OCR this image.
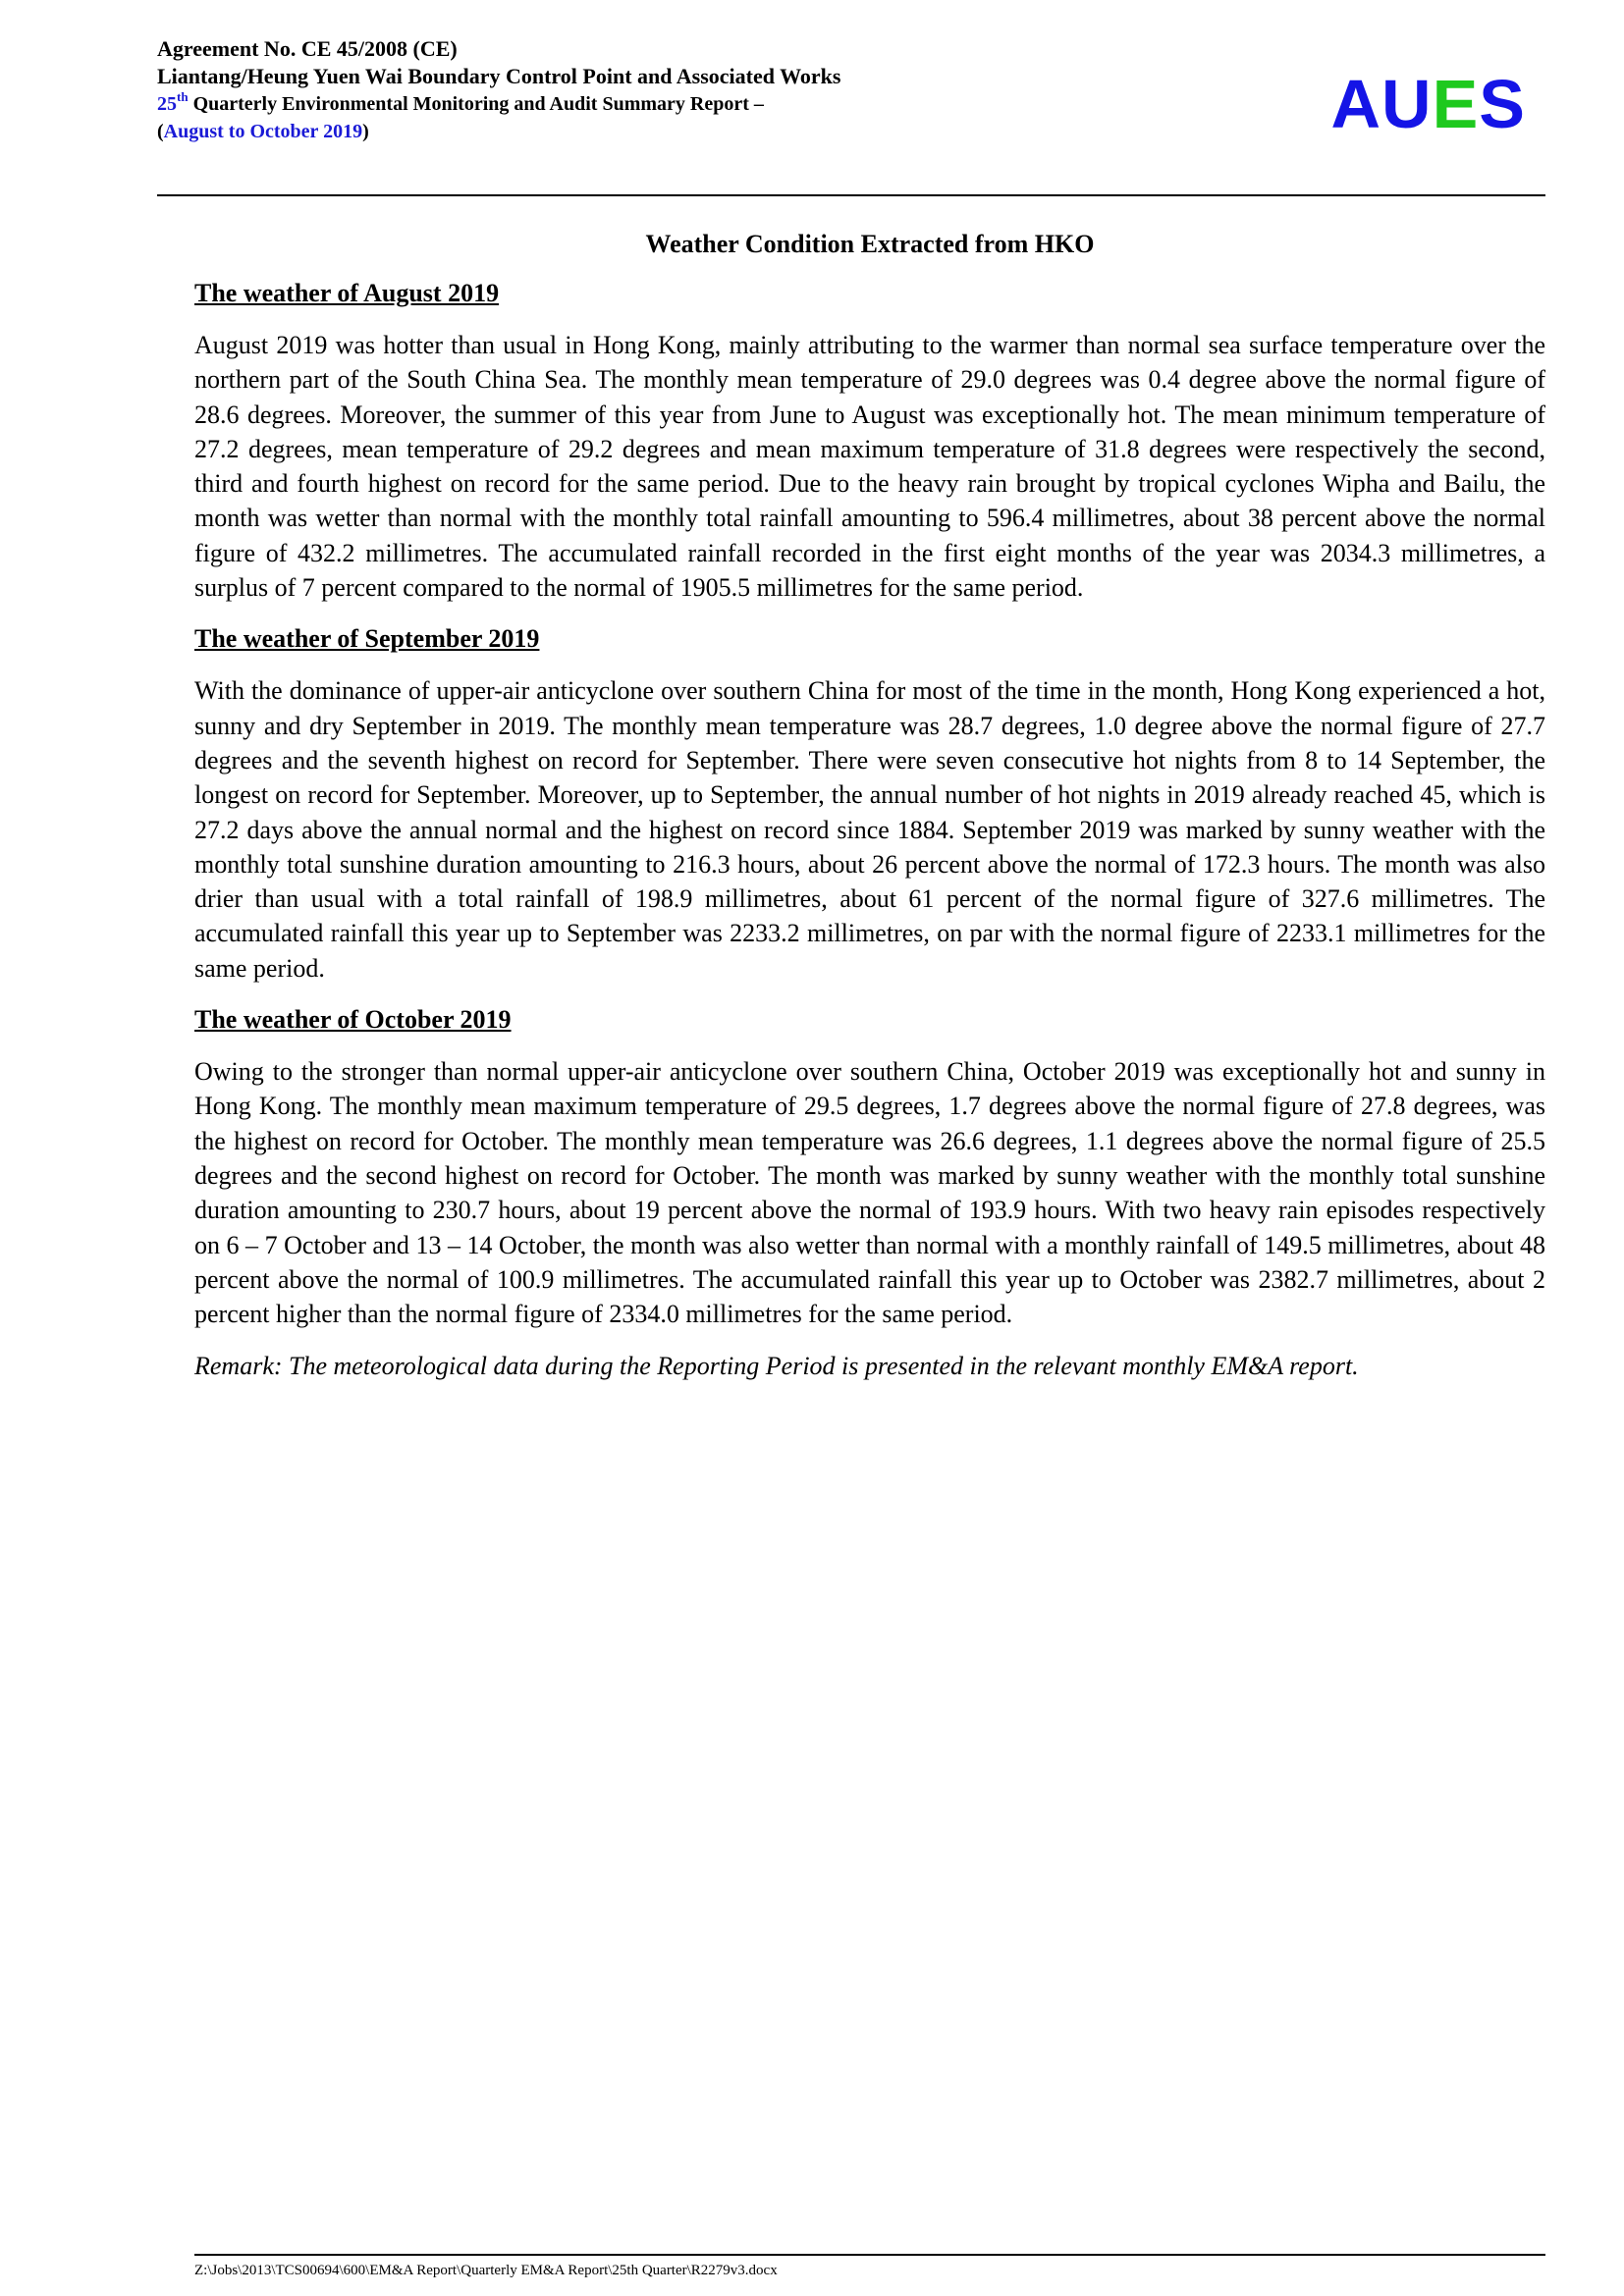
Agreement No. CE 45/2008 (CE)
Liantang/Heung Yuen Wai Boundary Control Point and Associated Works
25th Quarterly Environmental Monitoring and Audit Summary Report –
(August to October 2019)	AUES
Weather Condition Extracted from HKO
The weather of August 2019

August 2019 was hotter than usual in Hong Kong, mainly attributing to the warmer than normal sea surface temperature over the northern part of the South China Sea. The monthly mean temperature of 29.0 degrees was 0.4 degree above the normal figure of 28.6 degrees. Moreover, the summer of this year from June to August was exceptionally hot. The mean minimum temperature of 27.2 degrees, mean temperature of 29.2 degrees and mean maximum temperature of 31.8 degrees were respectively the second, third and fourth highest on record for the same period. Due to the heavy rain brought by tropical cyclones Wipha and Bailu, the month was wetter than normal with the monthly total rainfall amounting to 596.4 millimetres, about 38 percent above the normal figure of 432.2 millimetres. The accumulated rainfall recorded in the first eight months of the year was 2034.3 millimetres, a surplus of 7 percent compared to the normal of 1905.5 millimetres for the same period.

The weather of September 2019

With the dominance of upper-air anticyclone over southern China for most of the time in the month, Hong Kong experienced a hot, sunny and dry September in 2019. The monthly mean temperature was 28.7 degrees, 1.0 degree above the normal figure of 27.7 degrees and the seventh highest on record for September. There were seven consecutive hot nights from 8 to 14 September, the longest on record for September. Moreover, up to September, the annual number of hot nights in 2019 already reached 45, which is 27.2 days above the annual normal and the highest on record since 1884. September 2019 was marked by sunny weather with the monthly total sunshine duration amounting to 216.3 hours, about 26 percent above the normal of 172.3 hours. The month was also drier than usual with a total rainfall of 198.9 millimetres, about 61 percent of the normal figure of 327.6 millimetres. The accumulated rainfall this year up to September was 2233.2 millimetres, on par with the normal figure of 2233.1 millimetres for the same period.

The weather of October 2019

Owing to the stronger than normal upper-air anticyclone over southern China, October 2019 was exceptionally hot and sunny in Hong Kong. The monthly mean maximum temperature of 29.5 degrees, 1.7 degrees above the normal figure of 27.8 degrees, was the highest on record for October. The monthly mean temperature was 26.6 degrees, 1.1 degrees above the normal figure of 25.5 degrees and the second highest on record for October. The month was marked by sunny weather with the monthly total sunshine duration amounting to 230.7 hours, about 19 percent above the normal of 193.9 hours. With two heavy rain episodes respectively on 6 – 7 October and 13 – 14 October, the month was also wetter than normal with a monthly rainfall of 149.5 millimetres, about 48 percent above the normal of 100.9 millimetres. The accumulated rainfall this year up to October was 2382.7 millimetres, about 2 percent higher than the normal figure of 2334.0 millimetres for the same period.

Remark: The meteorological data during the Reporting Period is presented in the relevant monthly EM&A report.

Z:\Jobs\2013\TCS00694\600\EM&A Report\Quarterly EM&A Report\25th Quarter\R2279v3.docx
